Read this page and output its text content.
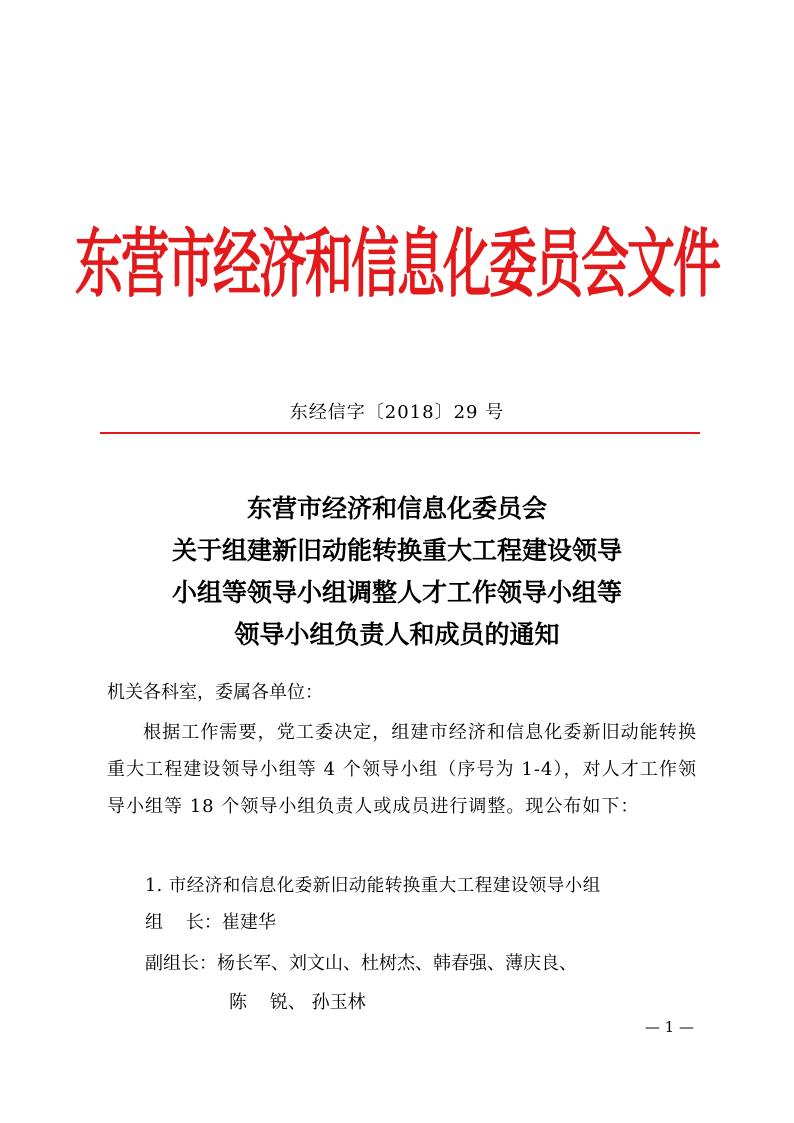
东营市经济和信息化委员会文件
东经信字〔2018〕29 号
东营市经济和信息化委员会
关于组建新旧动能转换重大工程建设领导
小组等领导小组调整人才工作领导小组等
领导小组负责人和成员的通知
机关各科室，委属各单位：
根据工作需要，党工委决定，组建市经济和信息化委新旧动能转换重大工程建设领导小组等 4 个领导小组（序号为 1-4），对人才工作领导小组等 18 个领导小组负责人或成员进行调整。现公布如下：
1. 市经济和信息化委新旧动能转换重大工程建设领导小组
组    长：崔建华
副组长：杨长军、刘文山、杜树杰、韩春强、薄庆良、
陈    锐、 孙玉林
— 1 —
